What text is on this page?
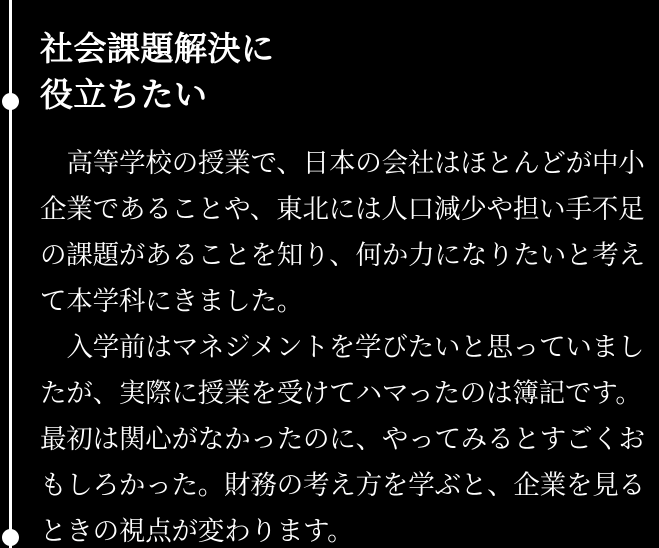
社会課題解決に
役立ちたい

高等学校の授業で、日本の会社はほとんどが中小企業であることや、東北には人口減少や担い手不足の課題があることを知り、何か力になりたいと考えて本学科にきました。

入学前はマネジメントを学びたいと思っていましたが、実際に授業を受けてハマったのは簿記です。最初は関心がなかったのに、やってみるとすごくおもしろかった。財務の考え方を学ぶと、企業を見るときの視点が変わります。
